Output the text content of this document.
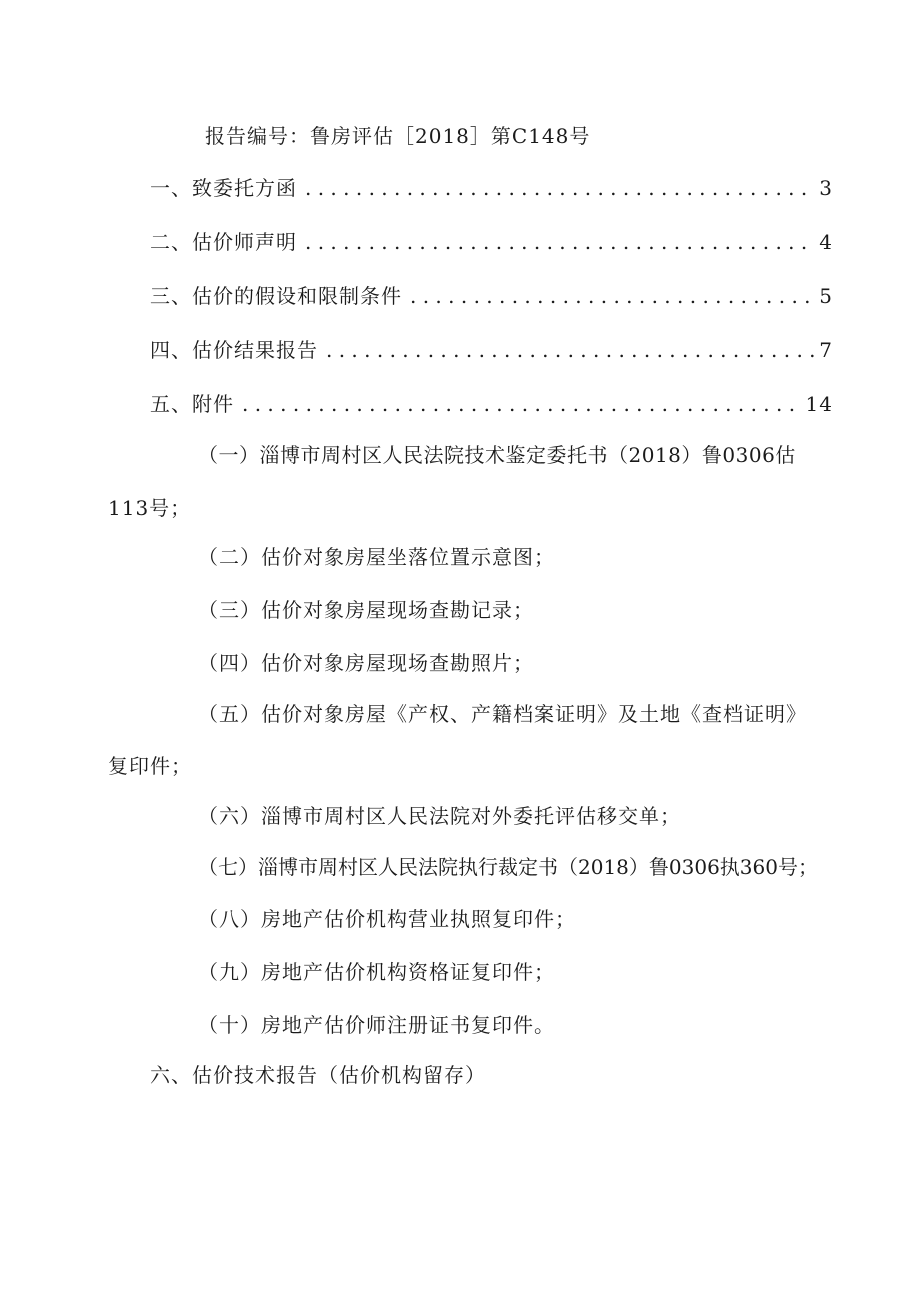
报告编号：鲁房评估［2018］第C148号
一、致委托方函 . . .	3
二、估价师声明 . . .	4
三、估价的假设和限制条件 . . .	5
四、估价结果报告 . . .	7
五、附件 . . .	14
（一）淄博市周村区人民法院技术鉴定委托书（2018）鲁0306估
113号；
（二）估价对象房屋坐落位置示意图；
（三）估价对象房屋现场查勘记录；
（四）估价对象房屋现场查勘照片；
（五）估价对象房屋《产权、产籍档案证明》及土地《查档证明》
复印件；
（六）淄博市周村区人民法院对外委托评估移交单；
（七）淄博市周村区人民法院执行裁定书（2018）鲁0306执360号；
（八）房地产估价机构营业执照复印件；
（九）房地产估价机构资格证复印件；
（十）房地产估价师注册证书复印件。
六、估价技术报告（估价机构留存）
